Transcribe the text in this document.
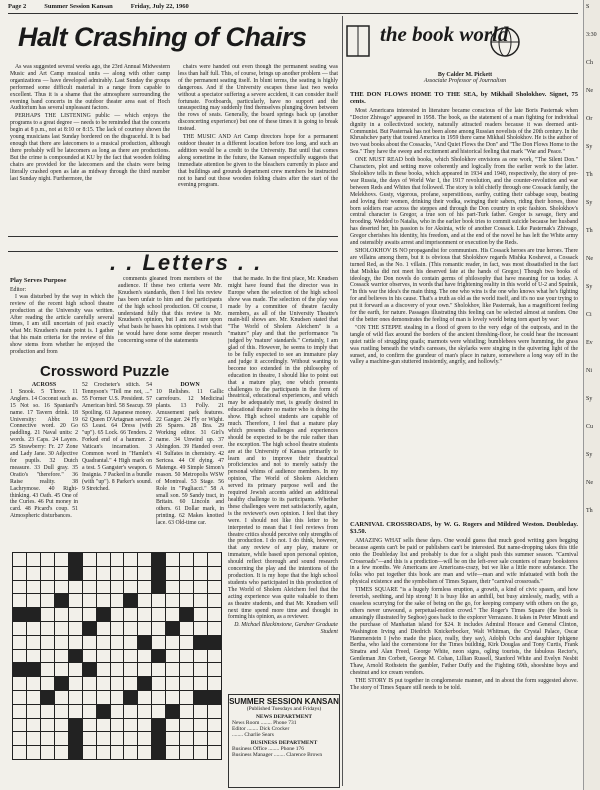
Page 2	Summer Session Kansan	Friday, July 22, 1960
Halt Crashing of Chairs

As was suggested several weeks ago, the 23rd Annual Midwestern Music and Art Camp musical units — along with other camp organizations — have developed admirably. Last Sunday the groups performed some difficult material in a range from capable to excellent. Thus it is a shame that the atmosphere surrounding the evening band concerts in the outdoor theater area east of Hoch Auditorium has several unpleasant factors.

PERHAPS THE LISTENING public — which enjoys the programs to a great degree — needs to be reminded that the concerts begin at 8 p.m., not at 8:10 or 8:15. The lack of courtesy shown the young musicians last Sunday bordered on the disgraceful. It is bad enough that there are latecomers to a musical production, although there probably will be latecomers as long as there are productions. But the crime is compounded at KU by the fact that wooden folding chairs are provided for the latecomers and the chairs were being literally crashed open as late as midway through the third number last Sunday night. Furthermore, the

chairs were handed out even though the permanent seating was less than half full. This, of course, brings up another problem — that of the permanent seating itself. In blunt terms, the seating is highly dangerous. And if the University escapes these last two weeks without a spectator suffering a severe accident, it can consider itself fortunate. Footboards, particularly, have no support and the unsuspecting may suddenly find themselves plunging down between the rows of seats. Generally, the board springs back up (another disconcerting experience) but one of these times it is going to break instead.

THE MUSIC AND Art Camp directors hope for a permanent outdoor theater in a different location before too long, and such an addition would be a credit to the University. But until that comes along sometime in the future, the Kansan respectfully suggests that immediate attention be given to the bleachers currently in place and that buildings and grounds department crew members be instructed not to hand out those wooden folding chairs after the start of the evening program.

. . Letters . .
Play Serves Purpose
Editor:

I was disturbed by the way in which the review of the recent high school theatre production at the University was written. After reading the article carefully several times, I am still uncertain of just exactly what Mr. Knudsen's main point is. I gather that his main criteria for the review of this show stems from whether he enjoyed the production and from

comments gleaned from members of the audience. If these two criteria were Mr. Knudsen's standards, then I feel his review has been unfair to him and the participants of the high school production. Of course, I understand fully that this review is Mr. Knudsen's opinion, but I am not sure upon what basis he bases his opinions. I wish that he would have done some deeper research concerning some of the statements

that he made. In the first place, Mr. Knudsen might have found that the director was in Europe when the selection of the high school show was made. The selection of the play was made by a committee of theatre faculty members, as all of the University Theatre's main-bill shows are. Mr. Knudsen stated that "The World of Sholem Aleichem" is a "mature" play and that the performance "is judged by 'mature' standards." Certainly, I am glad of this. However, he seems to imply that to be fully expected to see an immature play and judge it accordingly. Without wanting to become too extended in the philosophy of education in theatre, I should like to point out that a mature play, one which presents challenges to the participants in the form of theatrical, educational experiences, and which may be adequately met, is greatly desired in educational theatre no matter who is doing the show. High school students are capable of much. Therefore, I feel that a mature play which presents challenges and experiences should be expected to be the rule rather than the exception. The high school theatre students are at the University of Kansas primarily to learn and to improve their theatrical proficiencies and not to merely satisfy the personal whims of audience members. In my opinion, The World of Sholem Aleichem served its primary purpose well and the required Jewish accents added an additional healthy challenge to its participants. Whether these challenges were met satisfactorily, again, is the reviewer's own opinion. I feel that they were. I should not like this letter to be interpreted to mean that I feel reviews from theatre critics should perceive only strengths of the production. I do not. I do think, however, that any review of any play, mature or immature, while based upon personal opinion, should reflect thorough and sound research concerning the play and the intentions of the production. It is my hope that the high school students who participated in this production of The World of Sholem Aleichem feel that the acting experience was quite valuable to them as theatre students, and that Mr. Knudsen will next time spend more time and thought in forming his opinion, as a reviewer.

D. Michael Blackinstone, Gardner Graduate Student
Crossword Puzzle
ACROSS
1 Snook. 5 Throw. 11 Anglers. 14 Coconut such as. 15 Not so. 16 Spaniard's name. 17 Tavern drink. 18 University: Abbr. 19 Connective word. 20 Go paddling. 21 Naval units: 2 words. 23 Caps. 24 Layers. 25 Strawberry: Fr. 27 Zone and Lady Jane. 30 Adjective for pupils. 32 Dutch measure. 33 Dull gray. 35 Oratio's "therefore." 36 Raise reality. 38 Lachrymose. 40 Right-thinking. 43 Oath. 45 One of the Curies. 46 Put money in card. 48 Picard's coup. 51 Atmospheric disturbances.
52 Crocheter's stitch. 54 Tennyson's "Tell me not, ..." 55 Former U.S. President. 57 American bird. 58 Seacup. 59 Spoiling. 61 Japanese money. 62 Queen D'Artagnan served. 63 Least. 64 Dress (with "up"). 65 Lock. 66 Tenders. 2 Forked end of a hammer. 2 Vatican's incarnation. 3 Common word in "Hamlet's Quadrantal." 4 High mark on a test. 5 Gangster's weapon. 6 Insignia. 7 Packed in a bundle (with "up"). 8 Parker's sound. 9 Stretched.
DOWN
10 Relishes. 11 Gallic carrefours. 12 Medicinal plants. 13 Folly. 21 Amusement park features. 22 Ganger. 24 Fly or Wight. 26 Spares. 28 Bra. 29 Working editor. 31 Girl's name. 34 Unwind up. 37 Abingdon. 39 Handed over. 41 Sulfates in chemistry. 42 Sericea. 44 Of dying. 47 Matenge. 49 Simple Simon's reason. 50 Metropolis WSW of Montreal. 53 Stage. 56 Role in "Pagliacci." 58 A small son. 59 Sandy tract, in Britain. 60 Lincoln and others. 61 Dollar mark, in printing. 62 Makes knotted lace. 63 Old-time car.
SUMMER SESSION KANSAN
(Published Tuesdays and Fridays)
NEWS DEPARTMENT
News Room ........ Phone 731
Editor ........ Dick Crocker
........ Charlie Sears
BUSINESS DEPARTMENT
Business Office ........ Phone 176
Business Manager ........ Clarence Brown
the book world
By Calder M. Pickett
Associate Professor of Journalism
THE DON FLOWS HOME TO THE SEA, by Mikhail Sholokhov. Signet, 75 cents.

Most Americans interested in literature became conscious of the late Boris Pasternak when "Doctor Zhivago" appeared in 1958. The book, as the statement of a man fighting for individual dignity in a collectivized society, naturally attracted readers because it was deemed anti-Communist. But Pasternak has not been alone among Russian novelists of the 20th century. In the Khrushchev party that toured America in 1959 there came Mikhail Sholokhov. He is the author of two vast books about the Cossacks, "And Quiet Flows the Don" and "The Don Flows Home to the Sea." They have the sweep and excitement and historical feeling that mark "War and Peace."

ONE MUST READ both books, which Sholokhov envisions as one work, "The Silent Don." Characters, plot and setting move coherently and logically from the earlier work to the latter. Sholokhov tells in these books, which appeared in 1934 and 1940, respectively, the story of pre-war Russia, the days of World War I, the 1917 revolution, and the counter-revolution and war between Reds and Whites that followed. The story is told chiefly through one Cossack family, the Melekhovs. Gusty, vigorous, profane, superstitious, earthy, cutting their cabbage soup, beating and loving their women, drinking their vodka, swinging their sabers, riding their horses, these born soldiers roar across the steppes and through the Don country in epic fashion. Sholokhov's central character is Gregor, a true son of his part-Turk father. Gregor is savage, fiery and brooding. Wedded to Natalia, who in the earlier book tries to commit suicide because her husband has deserted her, his passion is for Aksinia, wife of another Cossack. Like Pasternak's Zhivago, Gregor cherishes his identity, his freedom, and at the end of the novel he has left the White army and ostensibly awaits arrest and imprisonment or execution by the Reds.

SHOLOKHOV IS NO propagandist for communism. His Cossack heroes are true heroes. There are villains among them, but it is obvious that Sholokhov regards Mishka Koshevoi, a Cossack turned Red, as the No. 1 villain. (This romantic reader, in fact, was most dissatisfied in the fact that Mishka did not meet his deserved fate at the hands of Gregor.) Though two books of ideology, the Don novels do contain germs of philosophy that have meaning for us today. A Cossack warrior observes, in words that have frightening reality in this world of U-2 and Sputnik, "In this war the idea's the main thing. The one who wins is the one who knows what he's fighting for and believes in his cause. That's a truth as old as the world itself, and it's no use your trying to put it forward as a discovery of your own." Sholokhov, like Pasternak, has a magnificent feeling for the earth, for nature. Passages illustrating this feeling can be selected almost at random. One of the better ones demonstrates the feeling of man is lovely world being torn apart by war:

"ON THE STEPPE stealing in a flood of green to the very edge of the outposts, and in the tangle of wild flax around the borders of the ancient threshing-floor, he could hear the incessant quiet rattle of struggling quails; marmots were whistling; bumblebees were humming, the grass was rustling beneath the wind's caresses, the skylarks were singing in the quivering light of the sunset, and, to confirm the grandeur of man's place in nature, somewhere a long way off in the valley a machine-gun stuttered insistently, angrily, and hollowly."

CARNIVAL CROSSROADS, by W. G. Rogers and Mildred Weston. Doubleday. $3.50.

AMAZING WHAT sells these days. One would guess that much good writing goes begging because agents can't be paid or publishers can't be interested. But name-dropping takes this title onto the Doubleday list and probably is due for a slight push this summer season. "Carnival Crossroads"—and this is a prediction—will be on the left-over sale counters of many bookstores in a few months. We Americans are Americans-crazy, but we like a little more substance. The folks who put together this book are man and wife—man and wife infatuated with both the physical existence and the symbolism of Times Square, their "carnival crossroads."

TIMES SQUARE "is a hugely formless eruption, a growth, a kind of civic spasm, and how feverish, seething, and hip strong! It is busy like an anthill, but busy aimlessly, madly, with a ceaseless scurrying for the sake of being on the go, for keeping company with others on the go, others never unwound, a perpetual-motion crowd." The Roger's Times Square (the book is amusingly illustrated by Segboe) goes back to the explorer Verrazano. It takes in Peter Minuit and the purchase of Manhattan island for $24. It includes Admiral Horace and General Clinton, Washington Irving and Diedrich Knickerbocker, Walt Whitman, the Crystal Palace, Oscar Hammerstein I (who made the place, really, they say), Adolph Ochs and daughter Iphigene Bertha, who laid the cornerstone for the Times building, Kirk Douglas and Tony Curtis, Frank Sinatra and Alan Freed, George White, neon signs, ogling tourists, the fabulous Rector's, Gentleman Jim Corbett, George M. Cohan, Lillian Russell, Stanford White and Evelyn Nesbit Thaw, Arnold Rothstein the gambler, Father Duffy and the Fighting 69th, shoeshine boys and chestnut and ice cream vendors.

THE STORY IS put together in conglomerate manner, and in about the form suggested above. The story of Times Square still needs to be told.

S
3:30
Ch
Ne
Or
Sy
Th
Sy
Th
Ne
Sy
Ci
Ev
Ni
Sy
Cu
Sy
Ne
Th
